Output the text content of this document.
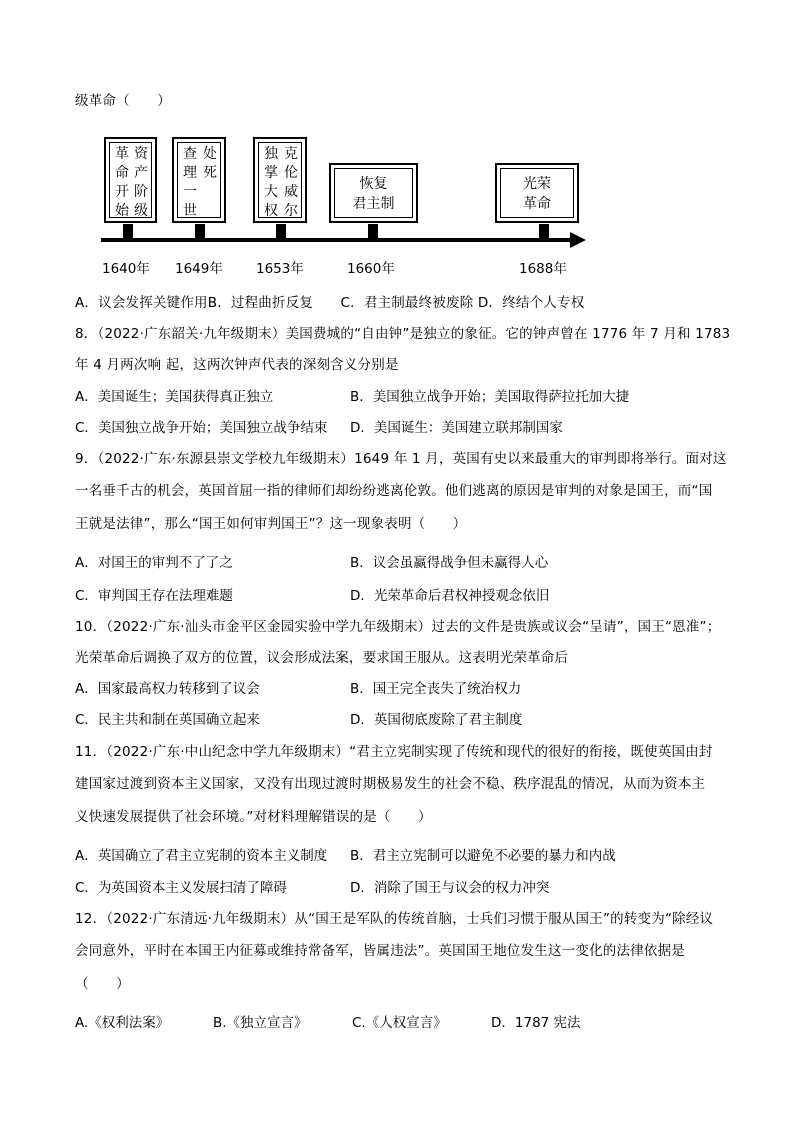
级革命（　　）
革命开始
资产阶级
查理一世
处死
独掌大权
克伦威尔
恢复
君主制
光荣
革命
1640年 1649年 1653年	1660年	1688年
A．议会发挥关键作用B．过程曲折反复　　C．君主制最终被废除 D．终结个人专权
8．（2022·广东韶关·九年级期末）美国费城的“自由钟”是独立的象征。它的钟声曾在 1776 年 7 月和 1783
年 4 月两次响 起，这两次钟声代表的深刻含义分别是
A．美国诞生；美国获得真正独立	B．美国独立战争开始；美国取得萨拉托加大捷
C．美国独立战争开始；美国独立战争结束 D．美国诞生：美国建立联邦制国家
9．（2022·广东·东源县崇文学校九年级期末）1649 年 1 月，英国有史以来最重大的审判即将举行。面对这
一名垂千古的机会，英国首屈一指的律师们却纷纷逃离伦敦。他们逃离的原因是审判的对象是国王，而“国
王就是法律”，那么“国王如何审判国王”？这一现象表明（　　）
A．对国王的审判不了了之	B．议会虽赢得战争但未赢得人心
C．审判国王存在法理难题	D．光荣革命后君权神授观念依旧
10．（2022·广东·汕头市金平区金园实验中学九年级期末）过去的文件是贵族或议会“呈请”，国王“恩准”；
光荣革命后调换了双方的位置，议会形成法案，要求国王服从。这表明光荣革命后
A．国家最高权力转移到了议会	B．国王完全丧失了统治权力
C．民主共和制在英国确立起来	D．英国彻底废除了君主制度
11．（2022·广东·中山纪念中学九年级期末）“君主立宪制实现了传统和现代的很好的衔接，既使英国由封
建国家过渡到资本主义国家，又没有出现过渡时期极易发生的社会不稳、秩序混乱的情况，从而为资本主
义快速发展提供了社会环境。”对材料理解错误的是（　　）
A．英国确立了君主立宪制的资本主义制度 B．君主立宪制可以避免不必要的暴力和内战
C．为英国资本主义发展扫清了障碍	D．消除了国王与议会的权力冲突
12．（2022·广东清远·九年级期末）从“国王是军队的传统首脑，士兵们习惯于服从国王”的转变为“除经议
会同意外，平时在本国王内征募或维持常备军，皆属违法”。英国国王地位发生这一变化的法律依据是
（　　）
A.《权利法案》	B.《独立宣言》	C.《人权宣言》	D．1787 宪法
